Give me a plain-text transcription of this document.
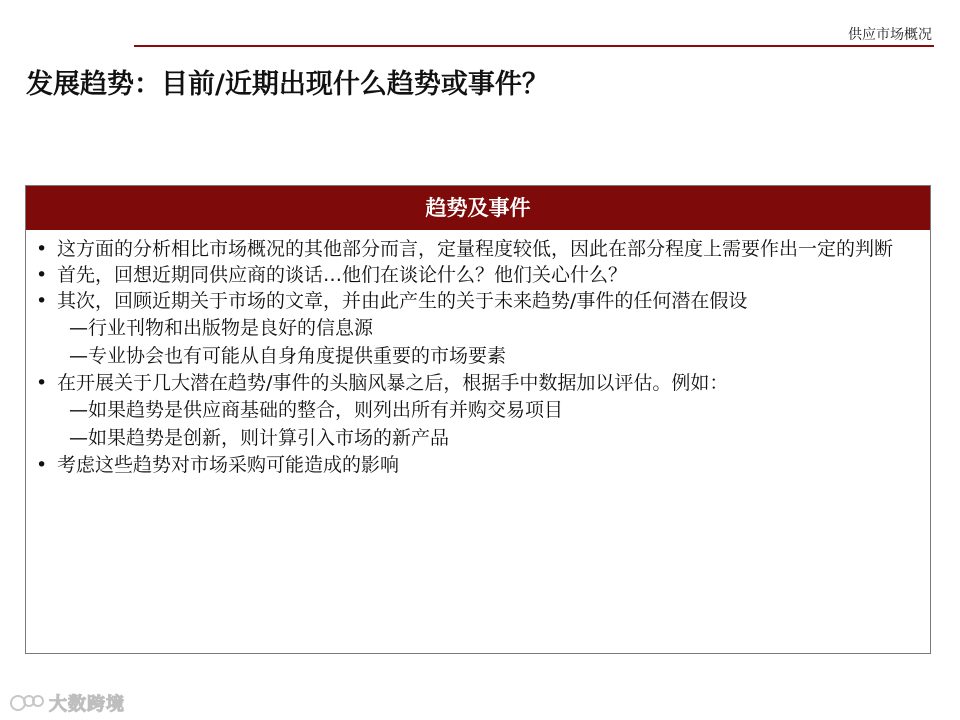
供应市场概况
发展趋势：目前/近期出现什么趋势或事件？
趋势及事件
• 这方面的分析相比市场概况的其他部分而言，定量程度较低，因此在部分程度上需要作出一定的判断
• 首先，回想近期同供应商的谈话…他们在谈论什么？他们关心什么？
• 其次，回顾近期关于市场的文章，并由此产生的关于未来趋势/事件的任何潜在假设
—行业刊物和出版物是良好的信息源
—专业协会也有可能从自身角度提供重要的市场要素
• 在开展关于几大潜在趋势/事件的头脑风暴之后，根据手中数据加以评估。例如：
—如果趋势是供应商基础的整合，则列出所有并购交易项目
—如果趋势是创新，则计算引入市场的新产品
• 考虑这些趋势对市场采购可能造成的影响
大数跨境
